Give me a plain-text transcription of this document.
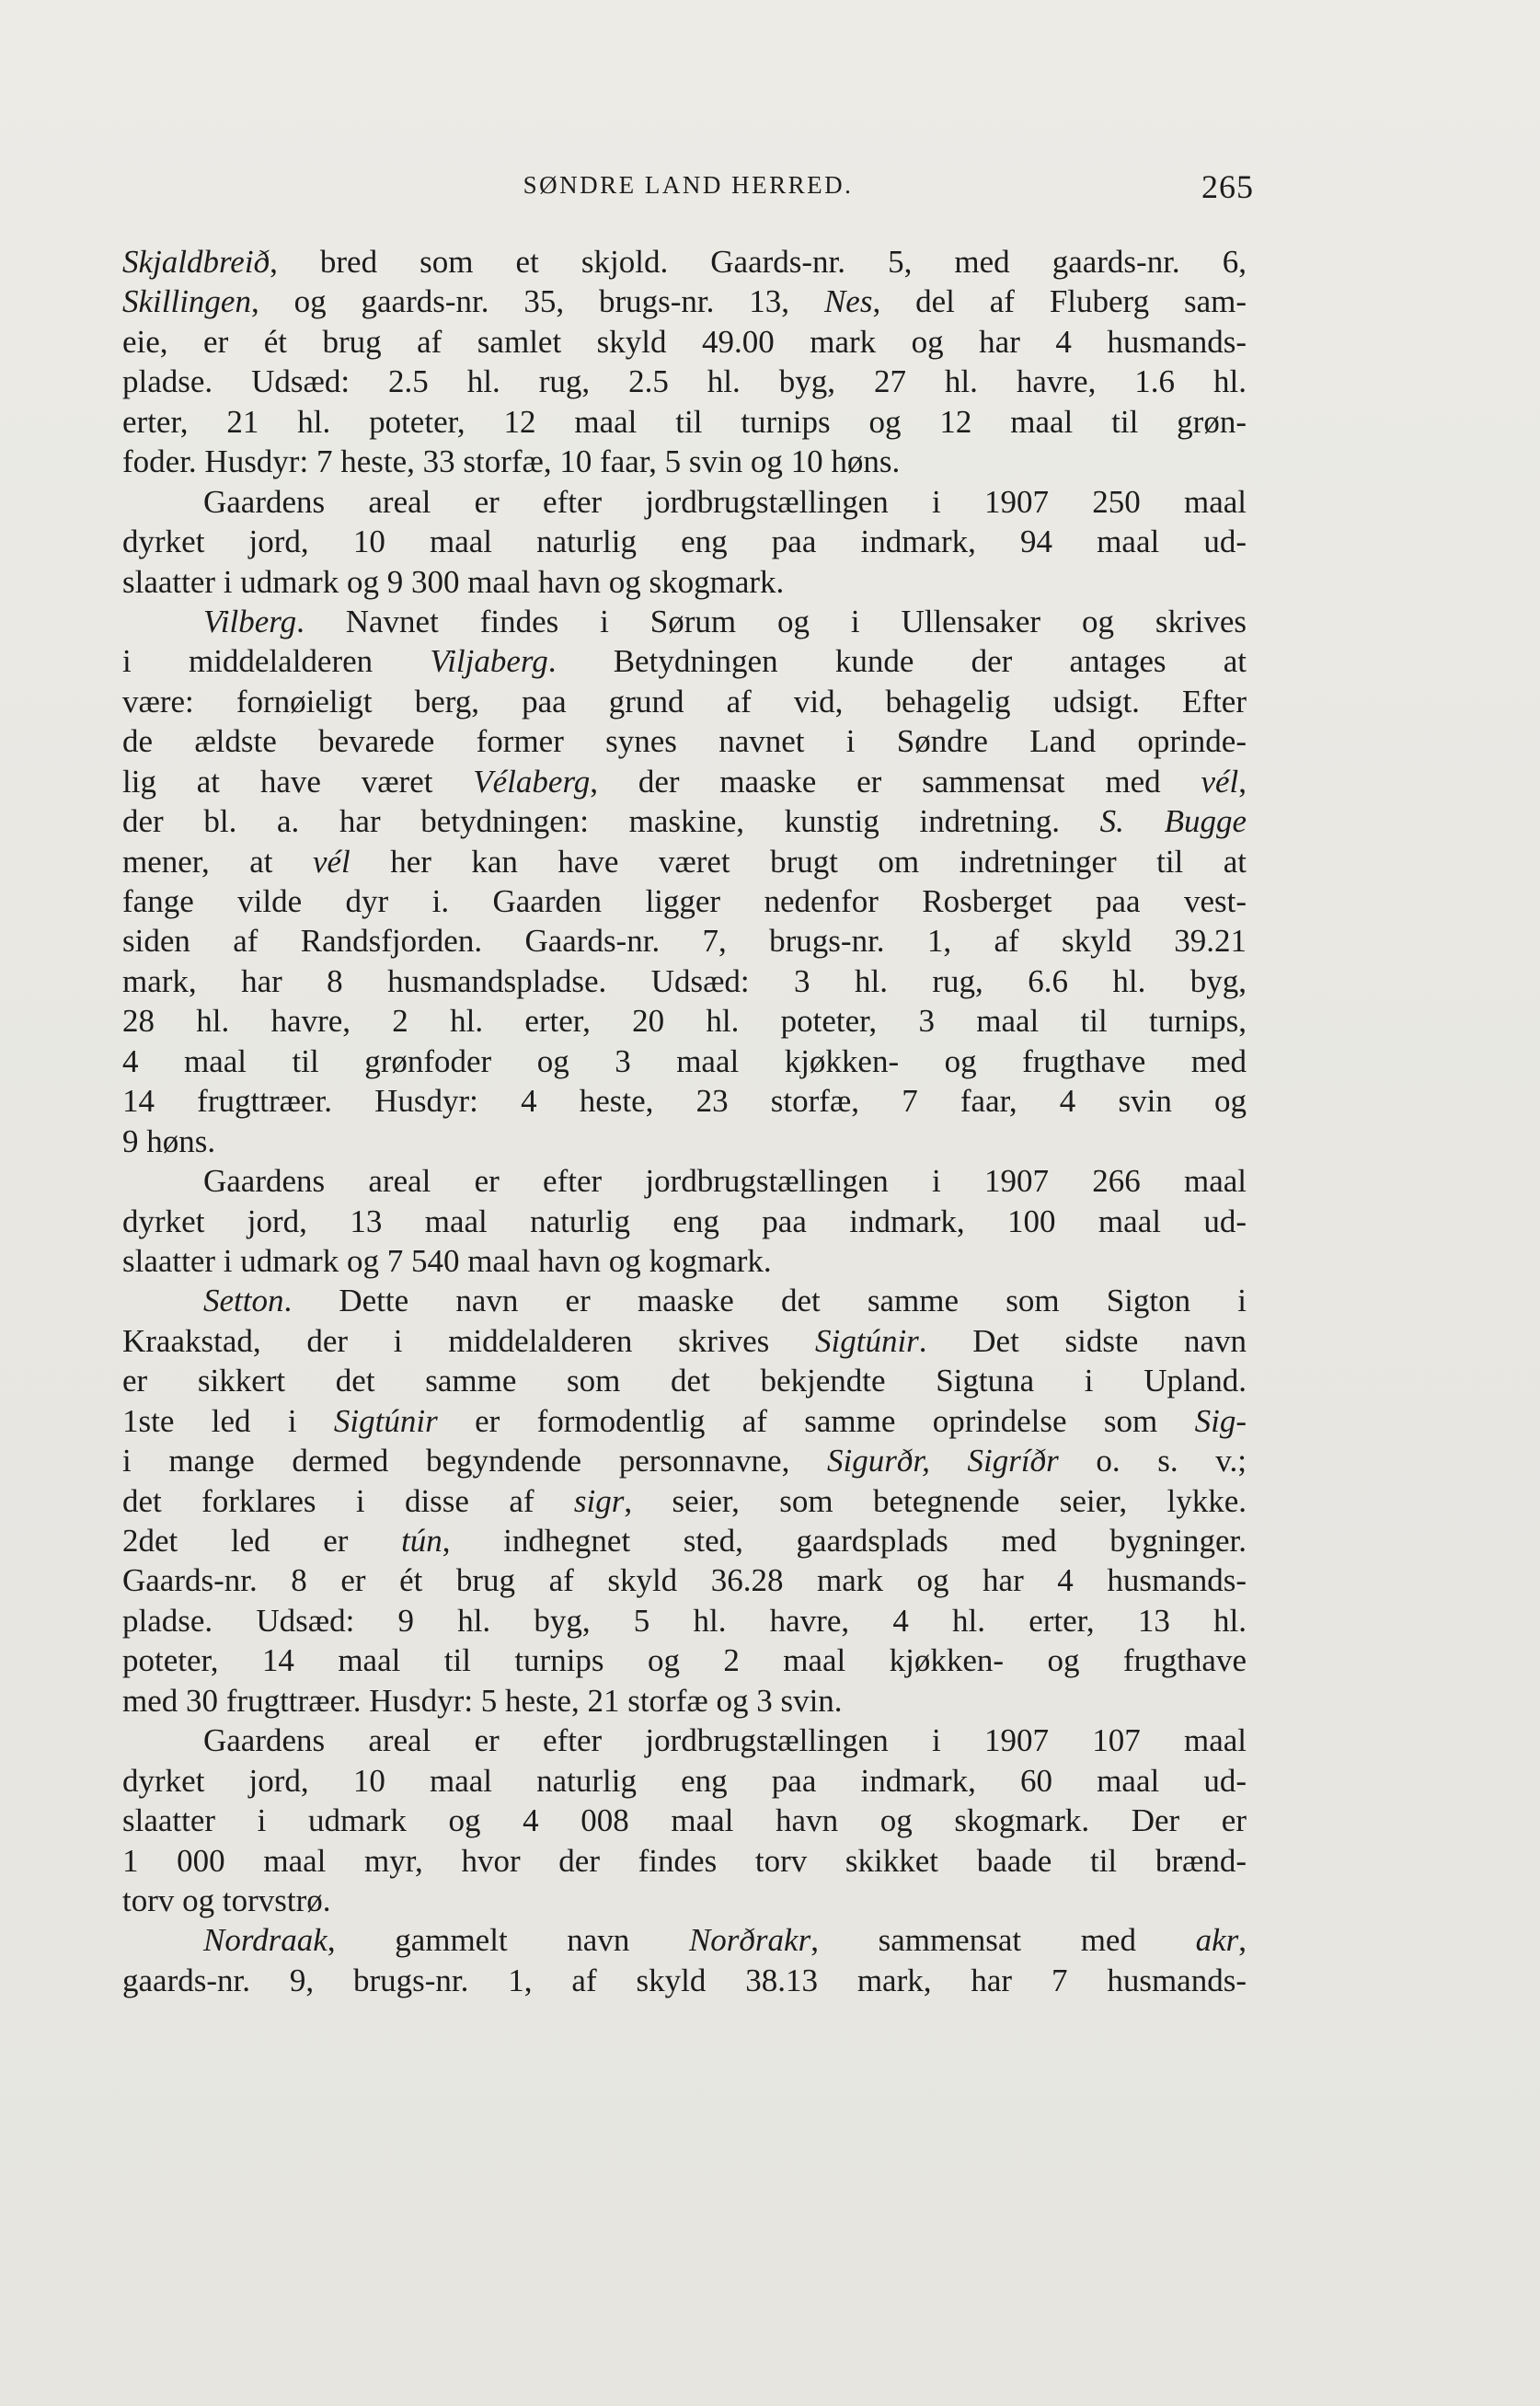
SØNDRE LAND HERRED.	265
Skjaldbreið, bred som et skjold. Gaards-nr. 5, med gaards-nr. 6,
Skillingen, og gaards-nr. 35, brugs-nr. 13, Nes, del af Fluberg sam-
eie, er ét brug af samlet skyld 49.00 mark og har 4 husmands-
pladse. Udsæd: 2.5 hl. rug, 2.5 hl. byg, 27 hl. havre, 1.6 hl.
erter, 21 hl. poteter, 12 maal til turnips og 12 maal til grøn-
foder. Husdyr: 7 heste, 33 storfæ, 10 faar, 5 svin og 10 høns.
Gaardens areal er efter jordbrugstællingen i 1907 250 maal
dyrket jord, 10 maal naturlig eng paa indmark, 94 maal ud-
slaatter i udmark og 9 300 maal havn og skogmark.
Vilberg. Navnet findes i Sørum og i Ullensaker og skrives
i middelalderen Viljaberg. Betydningen kunde der antages at
være: fornøieligt berg, paa grund af vid, behagelig udsigt. Efter
de ældste bevarede former synes navnet i Søndre Land oprinde-
lig at have været Vélaberg, der maaske er sammensat med vél,
der bl. a. har betydningen: maskine, kunstig indretning. S. Bugge
mener, at vél her kan have været brugt om indretninger til at
fange vilde dyr i. Gaarden ligger nedenfor Rosberget paa vest-
siden af Randsfjorden. Gaards-nr. 7, brugs-nr. 1, af skyld 39.21
mark, har 8 husmandspladse. Udsæd: 3 hl. rug, 6.6 hl. byg,
28 hl. havre, 2 hl. erter, 20 hl. poteter, 3 maal til turnips,
4 maal til grønfoder og 3 maal kjøkken- og frugthave med
14 frugttræer. Husdyr: 4 heste, 23 storfæ, 7 faar, 4 svin og
9 høns.
Gaardens areal er efter jordbrugstællingen i 1907 266 maal
dyrket jord, 13 maal naturlig eng paa indmark, 100 maal ud-
slaatter i udmark og 7 540 maal havn og kogmark.
Setton. Dette navn er maaske det samme som Sigton i
Kraakstad, der i middelalderen skrives Sigtúnir. Det sidste navn
er sikkert det samme som det bekjendte Sigtuna i Upland.
1ste led i Sigtúnir er formodentlig af samme oprindelse som Sig-
i mange dermed begyndende personnavne, Sigurðr, Sigríðr o. s. v.;
det forklares i disse af sigr, seier, som betegnende seier, lykke.
2det led er tún, indhegnet sted, gaardsplads med bygninger.
Gaards-nr. 8 er ét brug af skyld 36.28 mark og har 4 husmands-
pladse. Udsæd: 9 hl. byg, 5 hl. havre, 4 hl. erter, 13 hl.
poteter, 14 maal til turnips og 2 maal kjøkken- og frugthave
med 30 frugttræer. Husdyr: 5 heste, 21 storfæ og 3 svin.
Gaardens areal er efter jordbrugstællingen i 1907 107 maal
dyrket jord, 10 maal naturlig eng paa indmark, 60 maal ud-
slaatter i udmark og 4 008 maal havn og skogmark. Der er
1 000 maal myr, hvor der findes torv skikket baade til brænd-
torv og torvstrø.
Nordraak, gammelt navn Norðrakr, sammensat med akr,
gaards-nr. 9, brugs-nr. 1, af skyld 38.13 mark, har 7 husmands-
